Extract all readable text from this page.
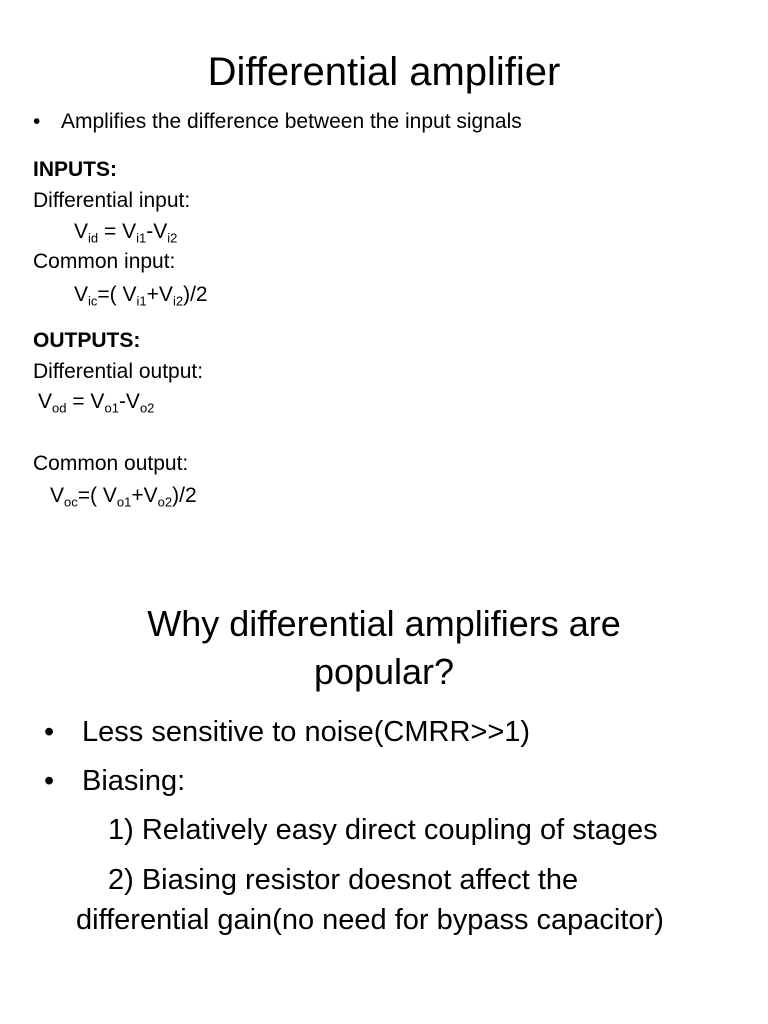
Differential amplifier
• Amplifies the difference between the input signals
INPUTS:
Differential input:
$V_{id} = V_{i1}-V_{i2}$
Common input:
$V_{ic}=$( $V_{i1}+V_{i2})/2$
OUTPUTS:
Differential output:
$V_{od} = V_{o1}-V_{o2}$
Common output:
$V_{oc}=$( $V_{o1}+V_{o2})/2$
Why differential amplifiers are
popular?
• Less sensitive to noise(CMRR>>1)
• Biasing:
1) Relatively easy direct coupling of stages
2) Biasing resistor doesnot affect the
differential gain(no need for bypass capacitor)
